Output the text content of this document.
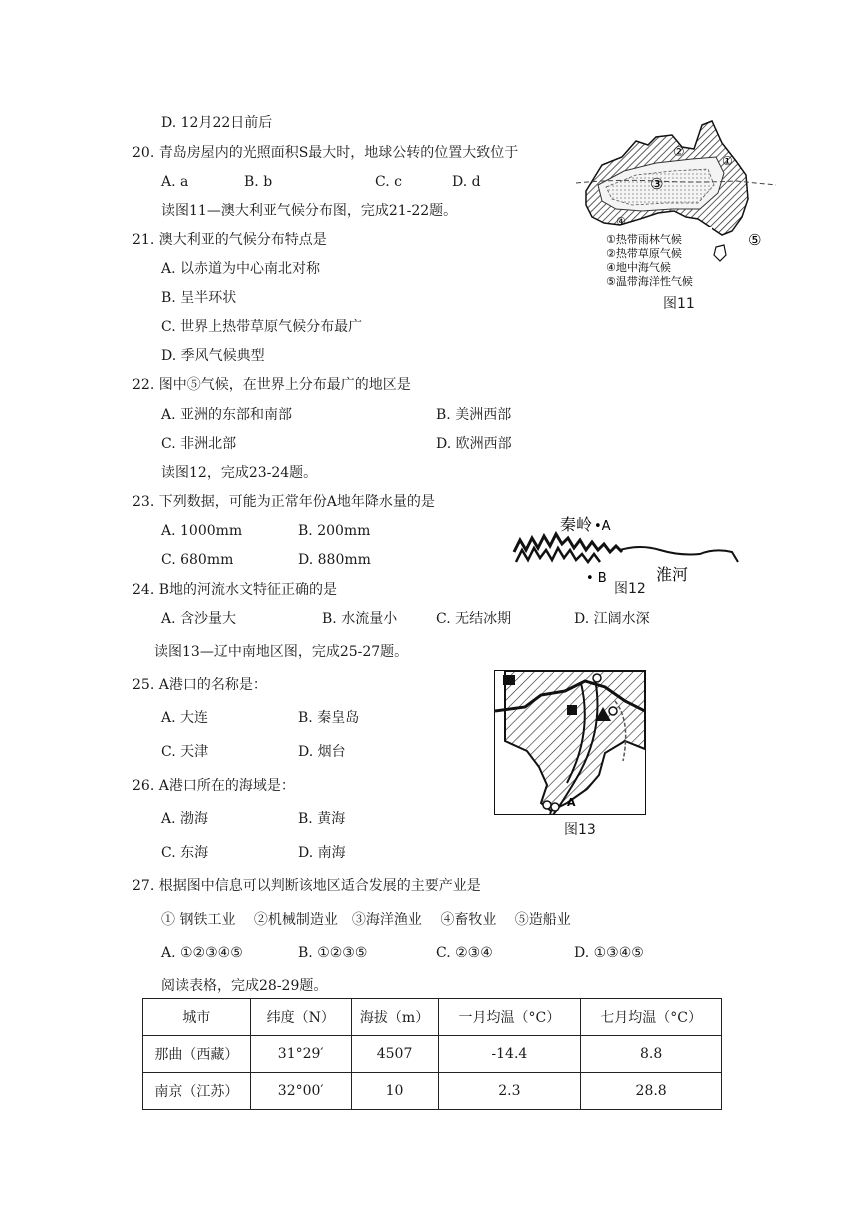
D. 12月22日前后
20. 青岛房屋内的光照面积S最大时，地球公转的位置大致位于
A. a	B. b	C. c	D. d
读图11—澳大利亚气候分布图，完成21-22题。
21. 澳大利亚的气候分布特点是
A. 以赤道为中心南北对称
B. 呈半环状
C. 世界上热带草原气候分布最广
D. 季风气候典型
22. 图中⑤气候，在世界上分布最广的地区是
A. 亚洲的东部和南部	B. 美洲西部
C. 非洲北部	D. 欧洲西部
读图12，完成23-24题。
23. 下列数据，可能为正常年份A地年降水量的是
A. 1000mm	B. 200mm
C. 680mm	D. 880mm
24. B地的河流水文特征正确的是
A. 含沙量大	B. 水流量小	C. 无结冰期	D. 江阔水深
读图13—辽中南地区图，完成25-27题。
25. A港口的名称是：
A. 大连	B. 秦皇岛
C. 天津	D. 烟台
26. A港口所在的海域是：
A. 渤海	B. 黄海
C. 东海	D. 南海
27. 根据图中信息可以判断该地区适合发展的主要产业是
① 钢铁工业　 ②机械制造业　③海洋渔业　 ④畜牧业　 ⑤造船业
A. ①②③④⑤	B. ①②③⑤	C. ②③④	D. ①③④⑤
阅读表格，完成28-29题。
②
③
①
④
⑤
①热带雨林气候
②热带草原气候
④地中海气候
⑤温带海洋性气候
图11
秦岭 •A
• B	淮河
图12
A
图13
城市	纬度（N）	海拔（m）	一月均温（°C）	七月均温（°C）
那曲（西藏）	31°29′	4507	-14.4	8.8
南京（江苏）	32°00′	10	2.3	28.8
